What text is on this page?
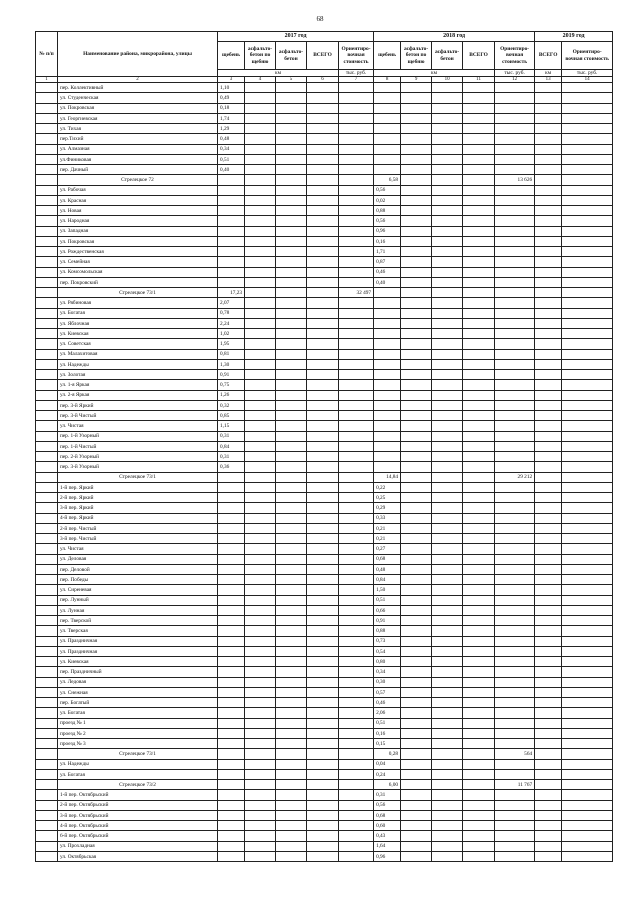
68
№ п/п	Наименование района, микрорайона, улицы	2017 год					2018 год					2019 год	
		щебень	асфальто-бетон по щебню	асфальто-бетон	ВСЕГО	Ориентиро-вочная стоимость	щебень	асфальто-бетон по щебню	асфальто-бетон	ВСЕГО	Ориентиро-вочная стоимость	ВСЕГО	Ориентиро-вочная стоимость
		км				тыс. руб.	км				тыс. руб.	км	тыс. руб.
1	2	3	4	5	6	7	8	9	10	11	12	13	14
	пер. Коллективный	1,10											
	ул. Студенческая	0,49											
	ул. Покровская	0,18											
	ул. Георгиевская	1,74											
	ул. Тихая	1,29											
	пер.Тихий	0,48											
	ул. Алмазная	0,34											
	ул.Финиковая	0,51											
	пер. Дачный	0,40											
	Стрелецкое 72						6,58				13 626		
	ул. Рабочая						0,56						
	ул. Красная						0,02						
	ул. Новая						0,88						
	ул. Народная						0,56						
	ул. Западная						0,96						
	ул. Покровская						0,16						
	ул. Рождественская						1,71						
	ул. Семейная						0,87						
	ул. Комсомольская						0,46						
	пер. Покровский						0,40						
	Стрелецкое 73/1	17,23				32 497							
	ул. Рябиновая	2,07											
	ул. Богатая	0,78											
	ул. Яблочная	2,24											
	ул. Киевская	1,02											
	ул. Советская	1,95											
	ул. Малахитовая	0,81											
	ул. Надежды	1,30											
	ул. Золотая	0,91											
	ул. 1-я Яркая	0,75											
	ул. 2-я Яркая	1,26											
	пер. 3-й Яркий	0,32											
	пер. 3-й Чистый	0,85											
	ул. Чистая	1,15											
	пер. 1-й Узорный	0,31											
	пер. 1-й Чистый	0,84											
	пер. 2-й Узорный	0,31											
	пер. 3-й Узорный	0,36											
	Стрелецкое 73/1						14,84				29 212		
	1-й пер. Яркий						0,22						
	2-й пер. Яркий						0,25						
	3-й пер. Яркий						0,29						
	4-й пер. Яркий						0,33						
	2-й пер. Чистый						0,21						
	3-й пер. Чистый						0,21						
	ул. Чистая						0,27						
	ул. Деловая						0,68						
	пер. Деловой						0,48						
	пер. Победы						0,84						
	ул. Сиреневая						1,50						
	пер. Лунный						0,51						
	ул. Лунная						0,66						
	пер. Тверской						0,91						
	ул. Тверская						0,88						
	ул. Праздничная						0,73						
	ул. Праздничная						0,54						
	ул. Киевская						0,80						
	пер. Праздничный						0,34						
	ул. Ледовая						0,30						
	ул. Снежная						0,57						
	пер. Богатый						0,46						
	ул. Богатая						2,06						
	проезд № 1						0,51						
	проезд № 2						0,16						
	проезд № 3						0,15						
	Стрелецкое 73/1						0,28				564		
	ул. Надежды						0,04						
	ул. Богатая						0,24						
	Стрелецкое 73/2						6,00				11 767		
	1-й пер. Октябрьский						0,31						
	2-й пер. Октябрьский						0,56						
	3-й пер. Октябрьский						0,68						
	4-й пер. Октябрьский						0,60						
	6-й пер. Октябрьский						0,43						
	ул. Прохладная						1,64						
	ул. Октябрьская						0,96						
